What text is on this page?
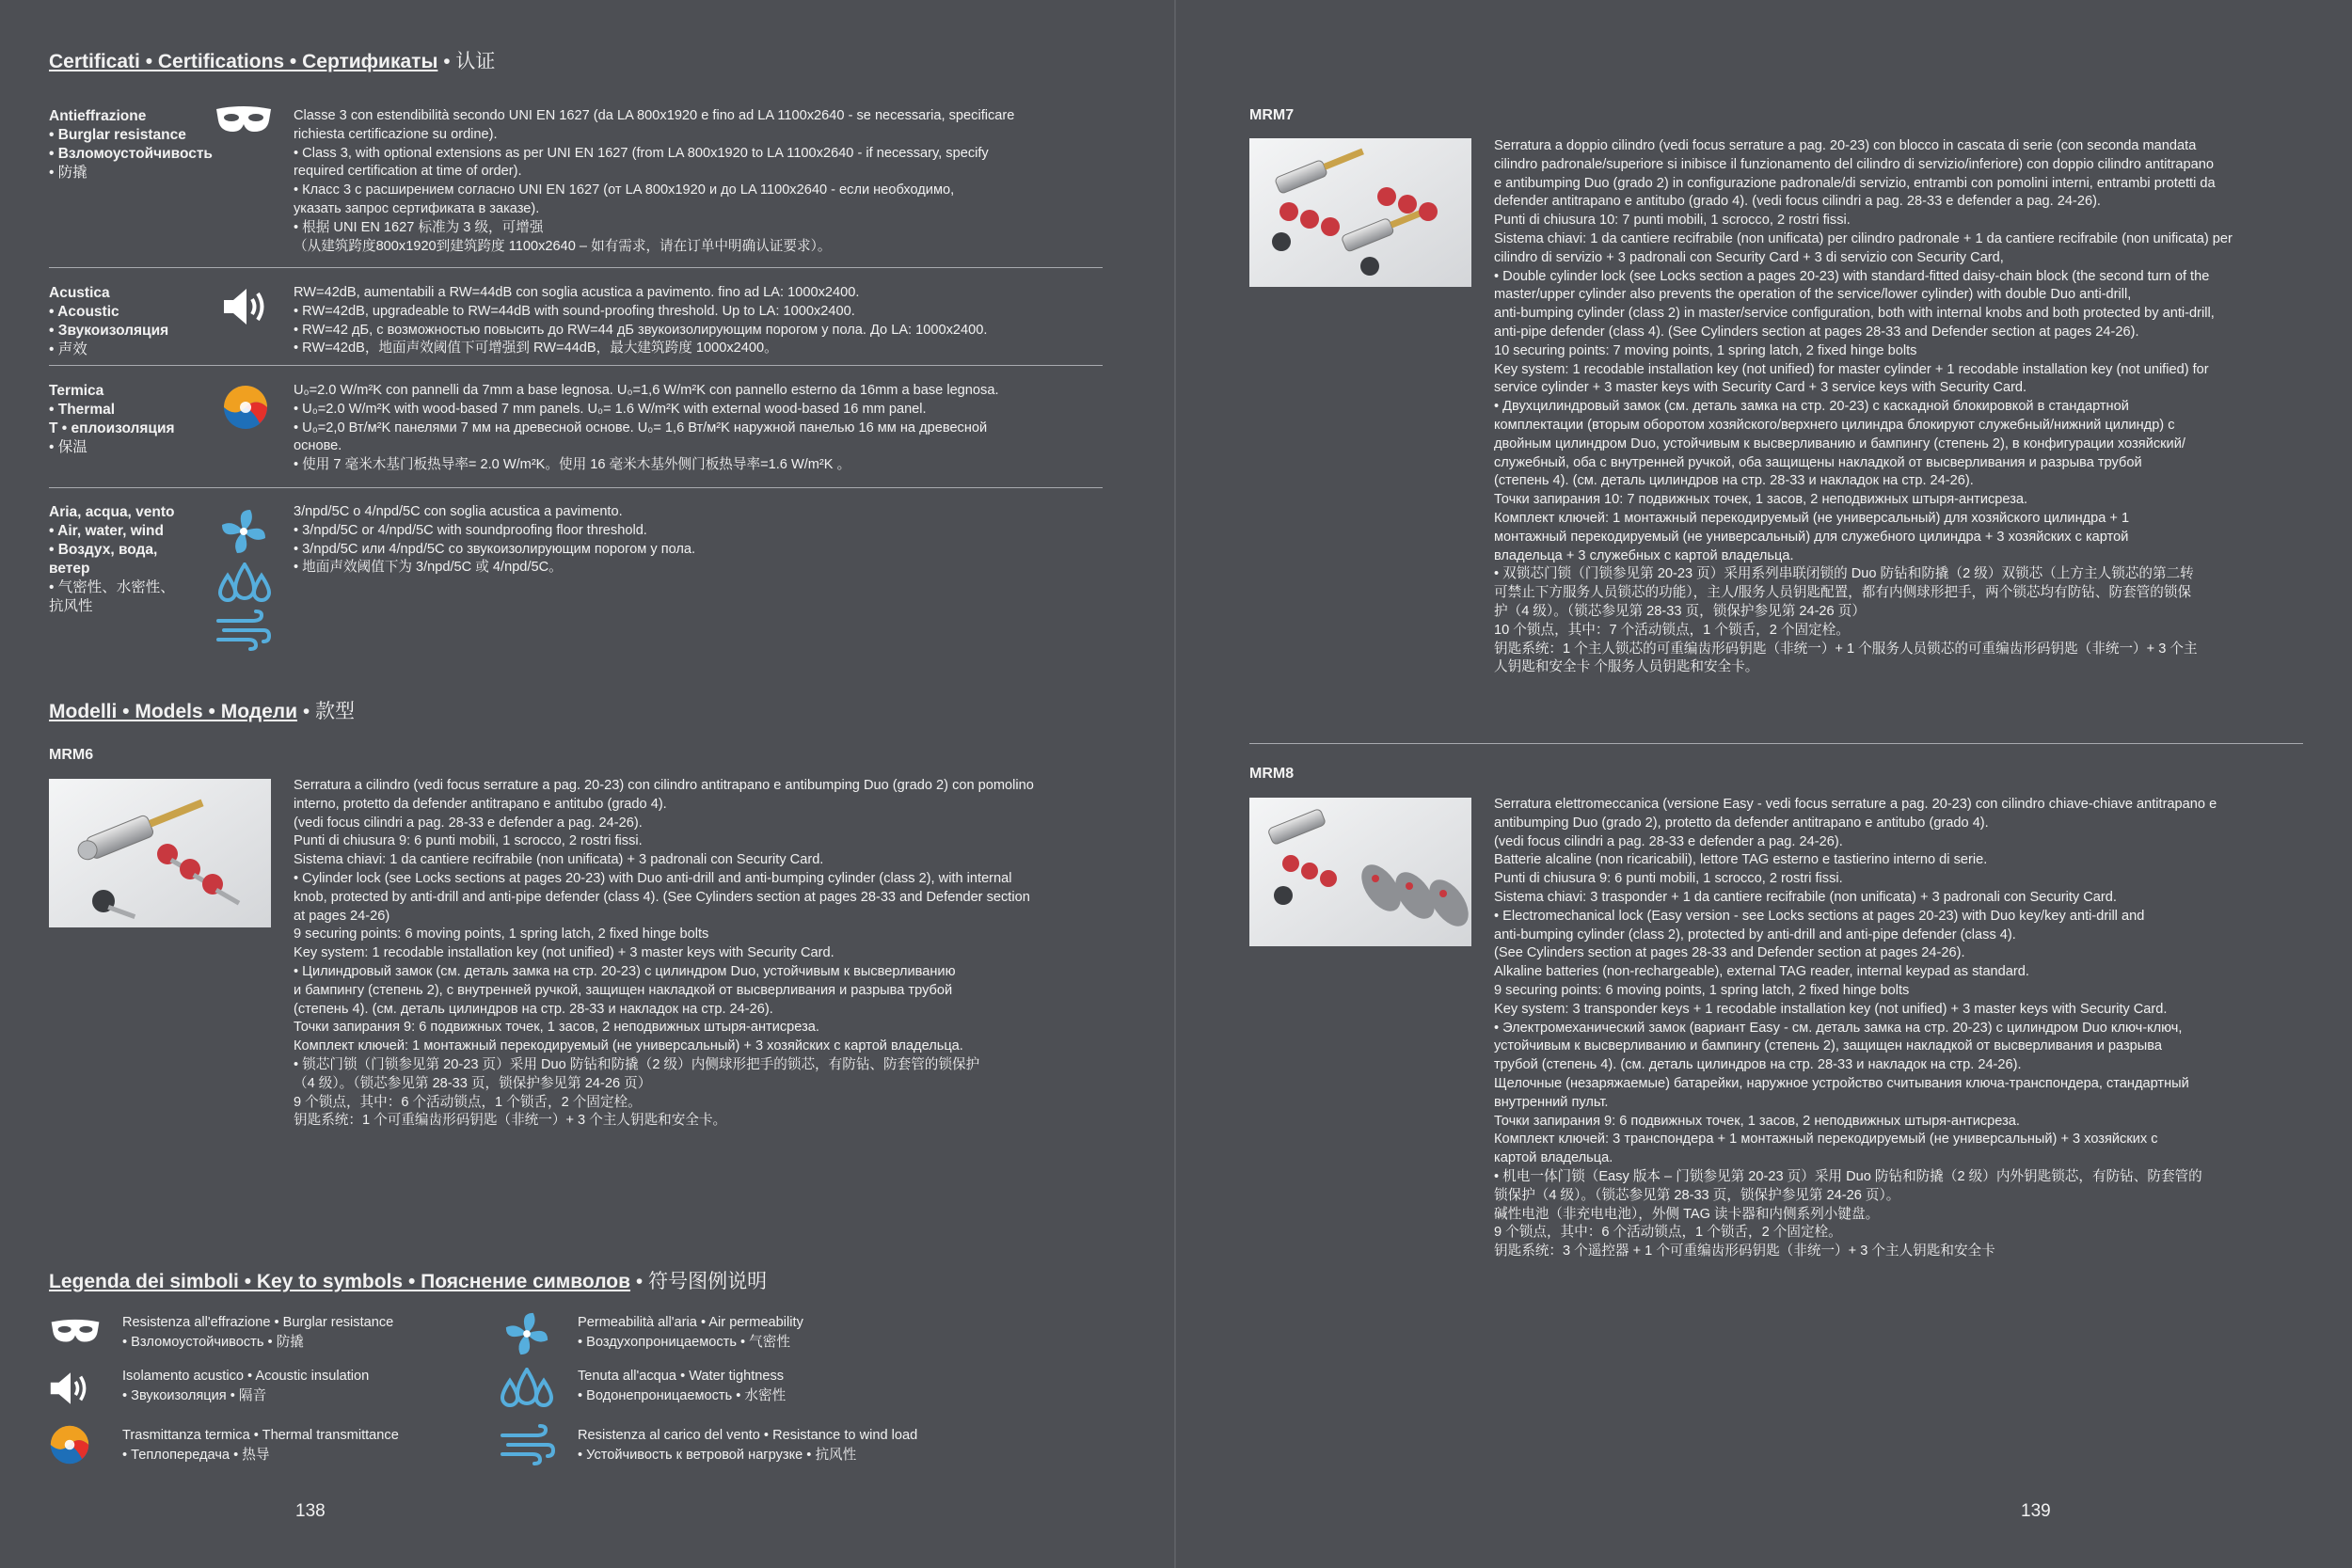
Certificati • Certifications • Сертификаты • 认证
Antieffrazione
• Burglar resistance
• Взломоустойчивость
• 防撬
Classe 3 con estendibilità secondo UNI EN 1627 (da LA 800x1920 e fino ad LA 1100x2640 - se necessaria, specificare
richiesta certificazione su ordine).
• Class 3, with optional extensions as per UNI EN 1627 (from LA 800x1920 to LA 1100x2640 - if necessary, specify
required certification at time of order).
• Класс 3 с расширением согласно UNI EN 1627 (от LA 800x1920 и до LA 1100x2640 - если необходимо,
указать запрос сертификата в заказе).
• 根据 UNI EN 1627 标准为 3 级，可增强
（从建筑跨度800x1920到建筑跨度 1100x2640 – 如有需求，请在订单中明确认证要求）。
Acustica
• Acoustic
• Звукоизоляция
• 声效
RW=42dB, aumentabili a RW=44dB con soglia acustica a pavimento. fino ad LA: 1000x2400.
• RW=42dB, upgradeable to RW=44dB with sound-proofing threshold. Up to LA: 1000x2400.
• RW=42 дБ, с возможностью повысить до RW=44 дБ звукоизолирующим порогом у пола. До LA: 1000x2400.
• RW=42dB，地面声效阈值下可增强到 RW=44dB，最大建筑跨度 1000x2400。
Termica
• Thermal
Т • еплоизоляция
• 保温
U₀=2.0 W/m²K con pannelli da 7mm a base legnosa. U₀=1,6 W/m²K con pannello esterno da 16mm a base legnosa.
• U₀=2.0 W/m²K with wood-based 7 mm panels. U₀= 1.6 W/m²K with external wood-based 16 mm panel.
• U₀=2,0 Вт/м²K панелями 7 мм на древесной основе. U₀= 1,6 Вт/м²K наружной панелью 16 мм на древесной
основе.
• 使用 7 毫米木基门板热导率= 2.0 W/m²K。使用 16 毫米木基外侧门板热导率=1.6 W/m²K 。
Aria, acqua, vento
• Air, water, wind
• Воздух, вода,
ветер
• 气密性、水密性、
抗风性
3/npd/5C o 4/npd/5C con soglia acustica a pavimento.
• 3/npd/5C or 4/npd/5C with soundproofing floor threshold.
• 3/npd/5C или 4/npd/5C со звукоизолирующим порогом у пола.
• 地面声效阈值下为 3/npd/5C 或 4/npd/5C。
Modelli • Models • Модели • 款型
MRM6
Serratura a cilindro (vedi focus serrature a pag. 20-23) con cilindro antitrapano e antibumping Duo (grado 2) con pomolino
interno, protetto da defender antitrapano e antitubo (grado 4).
(vedi focus cilindri a pag. 28-33 e defender a pag. 24-26).
Punti di chiusura 9: 6 punti mobili, 1 scrocco, 2 rostri fissi.
Sistema chiavi: 1 da cantiere recifrabile (non unificata) + 3 padronali con Security Card.
• Cylinder lock (see Locks sections at pages 20-23) with Duo anti-drill and anti-bumping cylinder (class 2), with internal
knob, protected by anti-drill and anti-pipe defender (class 4). (See Cylinders section at pages 28-33 and Defender section
at pages 24-26)
9 securing points: 6 moving points, 1 spring latch, 2 fixed hinge bolts
Key system: 1 recodable installation key (not unified) + 3 master keys with Security Card.
• Цилиндровый замок (см. деталь замка на стр. 20-23) с цилиндром Duo, устойчивым к высверливанию
и бампингу (степень 2), с внутренней ручкой, защищен накладкой от высверливания и разрыва трубой
(степень 4). (см. деталь цилиндров на стр. 28-33 и накладок на стр. 24-26).
Точки запирания 9: 6 подвижных точек, 1 засов, 2 неподвижных штыря-антисреза.
Комплект ключей: 1 монтажный перекодируемый (не универсальный) + 3 хозяйских с картой владельца.
• 锁芯门锁（门锁参见第 20-23 页）采用 Duo 防钻和防撬（2 级）内侧球形把手的锁芯，有防钻、防套管的锁保护
（4 级）。（锁芯参见第 28-33 页，锁保护参见第 24-26 页）
9 个锁点，其中：6 个活动锁点，1 个锁舌，2 个固定栓。
钥匙系统：1 个可重编齿形码钥匙（非统一）+ 3 个主人钥匙和安全卡。
Legenda dei simboli • Key to symbols • Пояснение символов • 符号图例说明
Resistenza all'effrazione • Burglar resistance
• Взломоустойчивость • 防撬
Isolamento acustico • Acoustic insulation
• Звукоизоляция • 隔音
Trasmittanza termica • Thermal transmittance
• Теплопередача • 热导
Permeabilità all'aria • Air permeability
• Воздухопроницаемость • 气密性
Tenuta all'acqua • Water tightness
• Водонепроницаемость • 水密性
Resistenza al carico del vento • Resistance to wind load
• Устойчивость к ветровой нагрузке • 抗风性
138
MRM7
Serratura a doppio cilindro (vedi focus serrature a pag. 20-23) con blocco in cascata di serie (con seconda mandata
cilindro padronale/superiore si inibisce il funzionamento del cilindro di servizio/inferiore) con doppio cilindro antitrapano
e antibumping Duo (grado 2) in configurazione padronale/di servizio, entrambi con pomolini interni, entrambi protetti da
defender antitrapano e antitubo (grado 4). (vedi focus cilindri a pag. 28-33 e defender a pag. 24-26).
Punti di chiusura 10: 7 punti mobili, 1 scrocco, 2 rostri fissi.
Sistema chiavi: 1 da cantiere recifrabile (non unificata) per cilindro padronale + 1 da cantiere recifrabile (non unificata) per
cilindro di servizio + 3 padronali con Security Card + 3 di servizio con Security Card,
• Double cylinder lock (see Locks section a pages 20-23) with standard-fitted daisy-chain block (the second turn of the
master/upper cylinder also prevents the operation of the service/lower cylinder) with double Duo anti-drill,
anti-bumping cylinder (class 2) in master/service configuration, both with internal knobs and both protected by anti-drill,
anti-pipe defender (class 4). (See Cylinders section at pages 28-33 and Defender section at pages 24-26).
10 securing points: 7 moving points, 1 spring latch, 2 fixed hinge bolts
Key system: 1 recodable installation key (not unified) for master cylinder + 1 recodable installation key (not unified) for
service cylinder + 3 master keys with Security Card + 3 service keys with Security Card.
• Двухцилиндровый замок (см. деталь замка на стр. 20-23) с каскадной блокировкой в стандартной
комплектации (вторым оборотом хозяйского/верхнего цилиндра блокируют служебный/нижний цилиндр) с
двойным цилиндром Duo, устойчивым к высверливанию и бампингу (степень 2), в конфигурации хозяйский/
служебный, оба с внутренней ручкой, оба защищены накладкой от высверливания и разрыва трубой
(степень 4). (см. деталь цилиндров на стр. 28-33 и накладок на стр. 24-26).
Точки запирания 10: 7 подвижных точек, 1 засов, 2 неподвижных штыря-антисреза.
Комплект ключей: 1 монтажный перекодируемый (не универсальный) для хозяйского цилиндра + 1
монтажный перекодируемый (не универсальный) для служебного цилиндра + 3 хозяйских с картой
владельца + 3 служебных с картой владельца.
• 双锁芯门锁（门锁参见第 20-23 页）采用系列串联闭锁的 Duo 防钻和防撬（2 级）双锁芯（上方主人锁芯的第二转
可禁止下方服务人员锁芯的功能），主人/服务人员钥匙配置，都有内侧球形把手，两个锁芯均有防钻、防套管的锁保
护（4 级）。（锁芯参见第 28-33 页，锁保护参见第 24-26 页）
10 个锁点，其中：7 个活动锁点，1 个锁舌，2 个固定栓。
钥匙系统：1 个主人锁芯的可重编齿形码钥匙（非统一）+ 1 个服务人员锁芯的可重编齿形码钥匙（非统一）+ 3 个主
人钥匙和安全卡 个服务人员钥匙和安全卡。
MRM8
Serratura elettromeccanica (versione Easy - vedi focus serrature a pag. 20-23) con cilindro chiave-chiave antitrapano e
antibumping Duo (grado 2), protetto da defender antitrapano e antitubo (grado 4).
(vedi focus cilindri a pag. 28-33 e defender a pag. 24-26).
Batterie alcaline (non ricaricabili), lettore TAG esterno e tastierino interno di serie.
Punti di chiusura 9: 6 punti mobili, 1 scrocco, 2 rostri fissi.
Sistema chiavi: 3 trasponder + 1 da cantiere recifrabile (non unificata) + 3 padronali con Security Card.
• Electromechanical lock (Easy version - see Locks sections at pages 20-23) with Duo key/key anti-drill and
anti-bumping cylinder (class 2), protected by anti-drill and anti-pipe defender (class 4).
(See Cylinders section at pages 28-33 and Defender section at pages 24-26).
Alkaline batteries (non-rechargeable), external TAG reader, internal keypad as standard.
9 securing points: 6 moving points, 1 spring latch, 2 fixed hinge bolts
Key system: 3 transponder keys + 1 recodable installation key (not unified) + 3 master keys with Security Card.
• Электромеханический замок (вариант Easy - см. деталь замка на стр. 20-23) с цилиндром Duo ключ-ключ,
устойчивым к высверливанию и бампингу (степень 2), защищен накладкой от высверливания и разрыва
трубой (степень 4). (см. деталь цилиндров на стр. 28-33 и накладок на стр. 24-26).
Щелочные (незаряжаемые) батарейки, наружное устройство считывания ключа-транспондера, стандартный
внутренний пульт.
Точки запирания 9: 6 подвижных точек, 1 засов, 2 неподвижных штыря-антисреза.
Комплект ключей: 3 транспондера + 1 монтажный перекодируемый (не универсальный) + 3 хозяйских с
картой владельца.
• 机电一体门锁（Easy 版本 – 门锁参见第 20-23 页）采用 Duo 防钻和防撬（2 级）内外钥匙锁芯，有防钻、防套管的
锁保护（4 级）。（锁芯参见第 28-33 页，锁保护参见第 24-26 页）。
碱性电池（非充电电池），外侧 TAG 读卡器和内侧系列小键盘。
9 个锁点，其中：6 个活动锁点，1 个锁舌，2 个固定栓。
钥匙系统：3 个遥控器 + 1 个可重编齿形码钥匙（非统一）+ 3 个主人钥匙和安全卡
139
